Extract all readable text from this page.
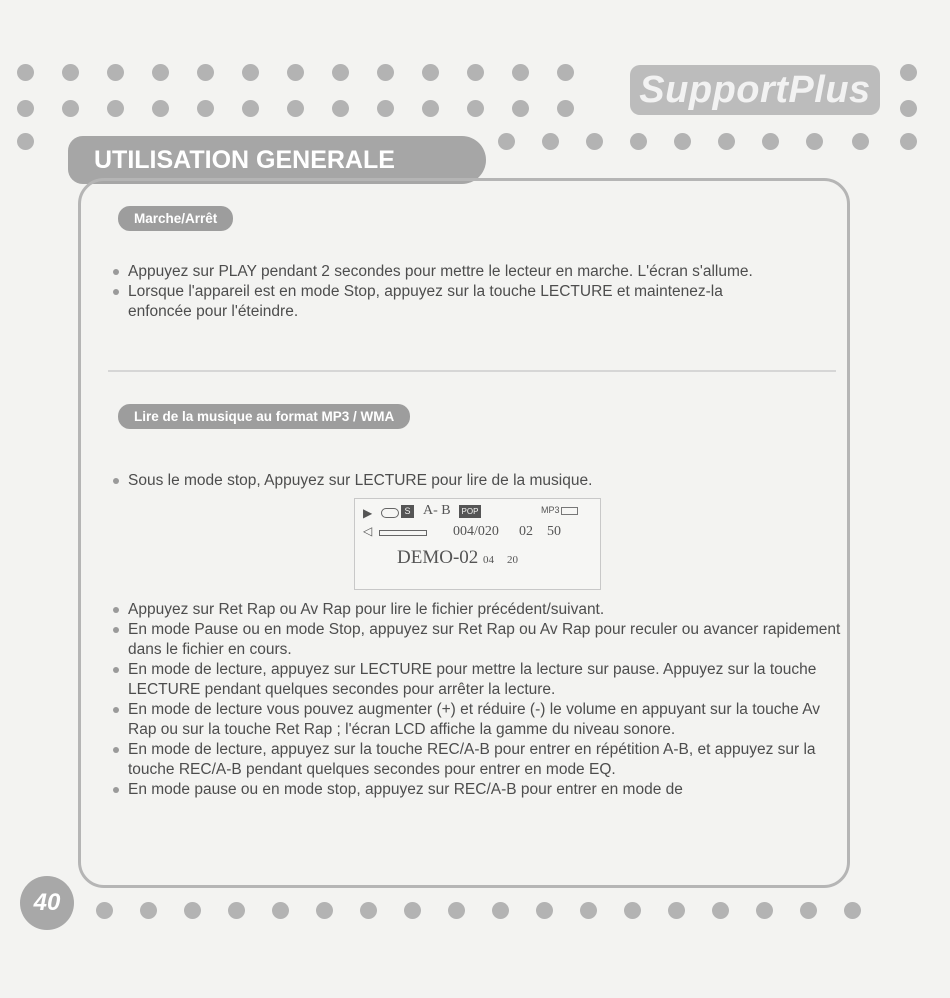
SupportPlus
UTILISATION GENERALE
Marche/Arrêt
Appuyez sur PLAY pendant 2 secondes pour mettre le lecteur en marche. L'écran s'allume.
Lorsque l'appareil est en mode Stop, appuyez sur la touche LECTURE et maintenez-la enfoncée pour l'éteindre.
Lire de la musique au format MP3 / WMA
Sous le mode stop, Appuyez sur LECTURE pour lire de la musique.
▶	S A- B	POP	MP3
◁	004/020 02 50
DEMO-02 04 20
Appuyez sur Ret Rap ou Av Rap pour lire le fichier précédent/suivant.
En mode Pause ou en mode Stop, appuyez sur Ret Rap ou Av Rap pour reculer ou avancer rapidement dans le fichier en cours.
En mode de lecture, appuyez sur LECTURE pour mettre la lecture sur pause. Appuyez sur la touche LECTURE pendant quelques secondes pour arrêter la lecture.
En mode de lecture vous pouvez augmenter (+) et réduire (-) le volume en appuyant sur la touche Av Rap ou sur la touche Ret Rap ; l'écran LCD affiche la gamme du niveau sonore.
En mode de lecture, appuyez sur la touche REC/A-B pour entrer en répétition A-B, et appuyez sur la touche REC/A-B pendant quelques secondes pour entrer en mode EQ.
En mode pause ou en mode stop, appuyez sur REC/A-B pour entrer en mode de
40
